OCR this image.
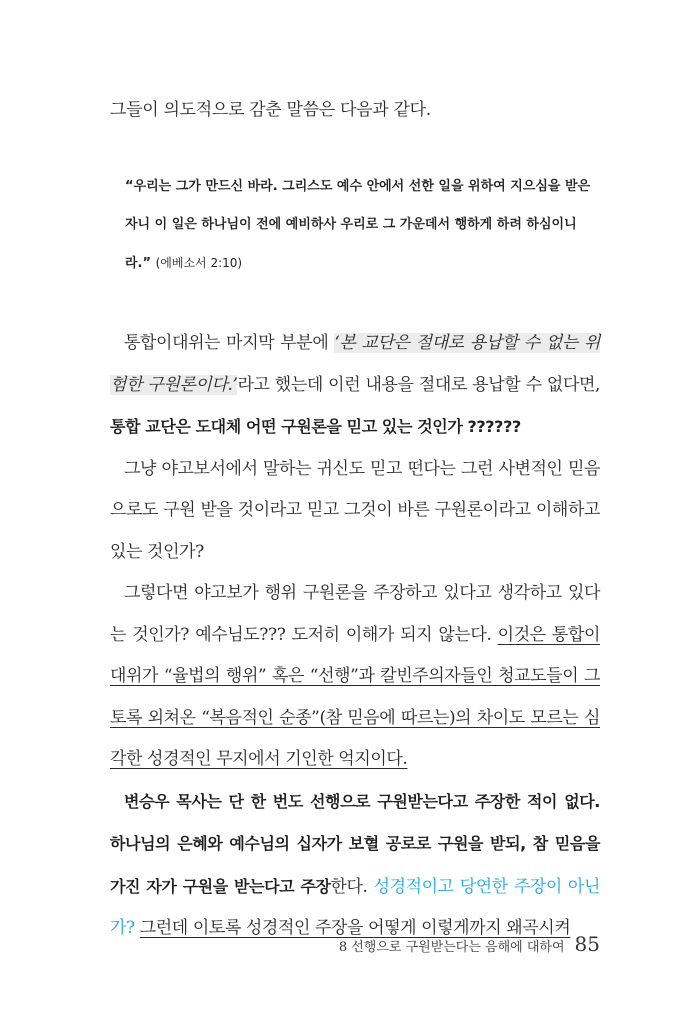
그들이 의도적으로 감춘 말씀은 다음과 같다.
“우리는 그가 만드신 바라. 그리스도 예수 안에서 선한 일을 위하여 지으심을 받은 자니 이 일은 하나님이 전에 예비하사 우리로 그 가운데서 행하게 하려 하심이니라.” (에베소서 2:10)

통합이대위는 마지막 부분에 ‘본 교단은 절대로 용납할 수 없는 위험한 구원론이다.’라고 했는데 이런 내용을 절대로 용납할 수 없다면, 통합 교단은 도대체 어떤 구원론을 믿고 있는 것인가 ??????

그냥 야고보서에서 말하는 귀신도 믿고 떤다는 그런 사변적인 믿음으로도 구원 받을 것이라고 믿고 그것이 바른 구원론이라고 이해하고 있는 것인가?

그렇다면 야고보가 행위 구원론을 주장하고 있다고 생각하고 있다는 것인가? 예수님도??? 도저히 이해가 되지 않는다. 이것은 통합이대위가 “율법의 행위” 혹은 “선행”과 칼빈주의자들인 청교도들이 그토록 외쳐온 “복음적인 순종”(참 믿음에 따르는)의 차이도 모르는 심각한 성경적인 무지에서 기인한 억지이다.

변승우 목사는 단 한 번도 선행으로 구원받는다고 주장한 적이 없다. 하나님의 은혜와 예수님의 십자가 보혈 공로로 구원을 받되, 참 믿음을 가진 자가 구원을 받는다고 주장한다. 성경적이고 당연한 주장이 아닌가? 그런데 이토록 성경적인 주장을 어떻게 이렇게까지 왜곡시켜

8 선행으로 구원받는다는 음해에 대하여 85
